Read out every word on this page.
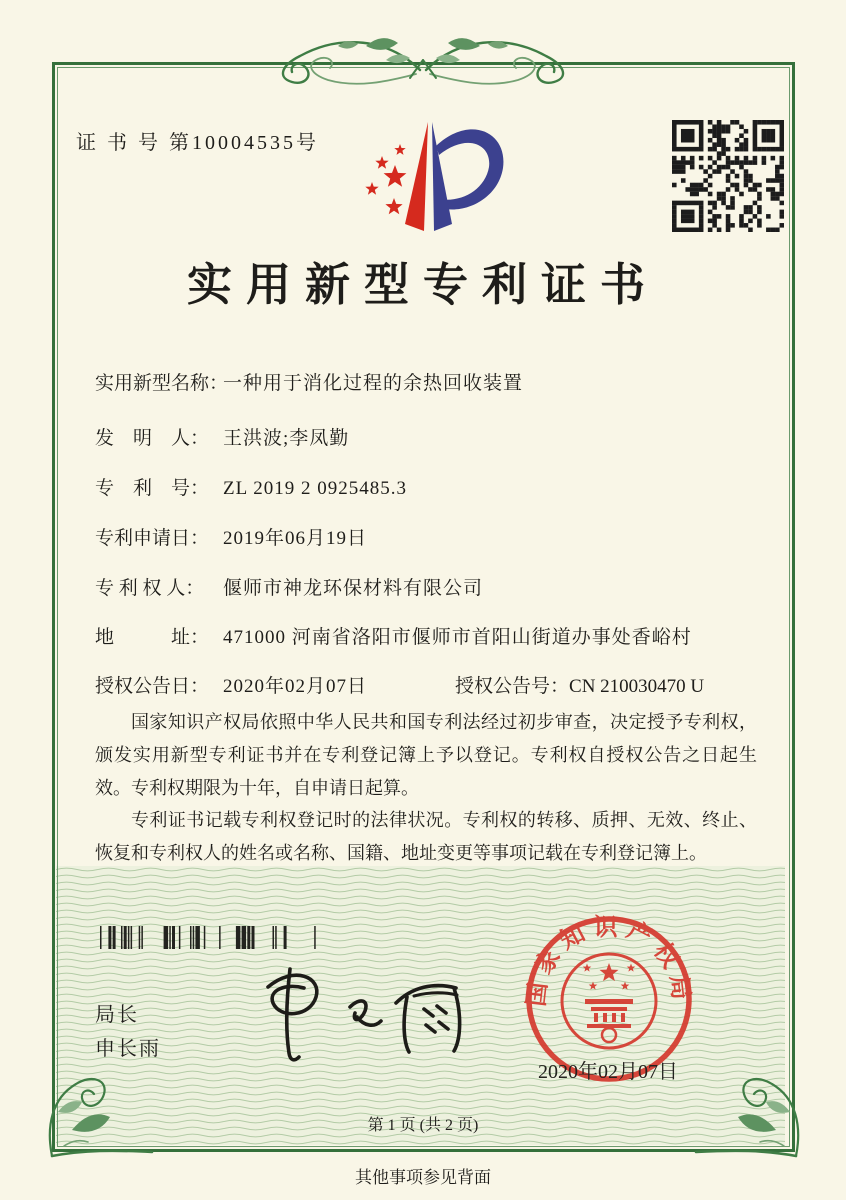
证 书 号 第10004535号
实用新型专利证书
实用新型名称：一种用于消化过程的余热回收装置
发　明　人： 王洪波;李凤勤
专　利　号： ZL 2019 2 0925485.3
专利申请日： 2019年06月19日
专 利 权 人： 偃师市神龙环保材料有限公司
地　　　址： 471000 河南省洛阳市偃师市首阳山街道办事处香峪村
授权公告日： 2020年02月07日	授权公告号：CN 210030470 U

国家知识产权局依照中华人民共和国专利法经过初步审查，决定授予专利权，颁发实用新型专利证书并在专利登记簿上予以登记。专利权自授权公告之日起生效。专利权期限为十年，自申请日起算。

专利证书记载专利权登记时的法律状况。专利权的转移、质押、无效、终止、恢复和专利权人的姓名或名称、国籍、地址变更等事项记载在专利登记簿上。

局长
申长雨
国家知识产权局
2020年02月07日
第 1 页 (共 2 页)
其他事项参见背面
